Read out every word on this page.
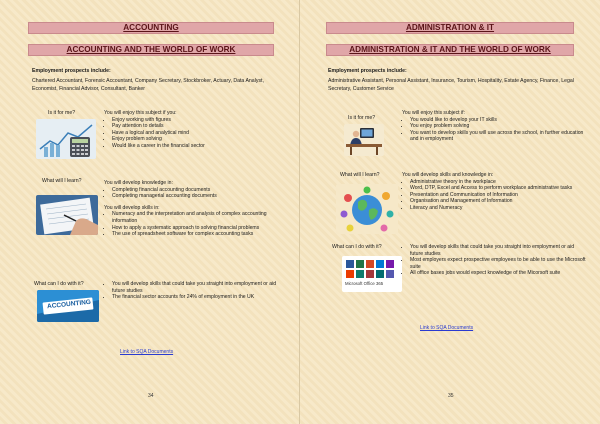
ACCOUNTING
ACCOUNTING AND THE WORLD OF WORK
Employment prospects include:
Chartered Accountant, Forensic Accountant, Company Secretary, Stockbroker, Actuary, Data Analyst, Economist, Financial Advisor, Consultant, Banker
Is it for me?	You will enjoy this subject if you:
• Enjoy working with figures
• Pay attention to details
• Have a logical and analytical mind
• Enjoy problem solving
• Would like a career in the financial sector
What will I learn?	You will develop knowledge in:
• Completing financial accounting documents
• Completing managerial accounting documents
You will develop skills in:
• Numeracy and the interpretation and analysis of complex accounting information
• How to apply a systematic approach to solving financial problems
• The use of spreadsheet software for complex accounting tasks
What can I do with it?
ACCOUNTING
• You will develop skills that could take you straight into employment or aid future studies
• The financial sector accounts for 24% of employment in the UK
Link to SQA Documents
34
ADMINISTRATION & IT
ADMINISTRATION & IT AND THE WORLD OF WORK
Employment prospects include:
Administrative Assistant, Personal Assistant, Insurance, Tourism, Hospitality, Estate Agency, Finance, Legal Secretary, Customer Service
Is it for me?
You will enjoy this subject if:
• You would like to develop your IT skills
• You enjoy problem solving
• You want to develop skills you will use across the school, in further education and in employment
What will I learn?	You will develop skills and knowledge in:
• Administrative theory in the workplace
• Word, DTP, Excel and Access to perform workplace administrative tasks
• Presentation and Communication of Information
• Organisation and Management of Information
• Literacy and Numeracy
What can I do with it?
Microsoft Office 365
• You will develop skills that could take you straight into employment or aid future studies
• Most employers expect prospective employees to be able to use the Microsoft suite
• All office bases jobs would expect knowledge of the Micorsoft suite
Link to SQA Documents
35
